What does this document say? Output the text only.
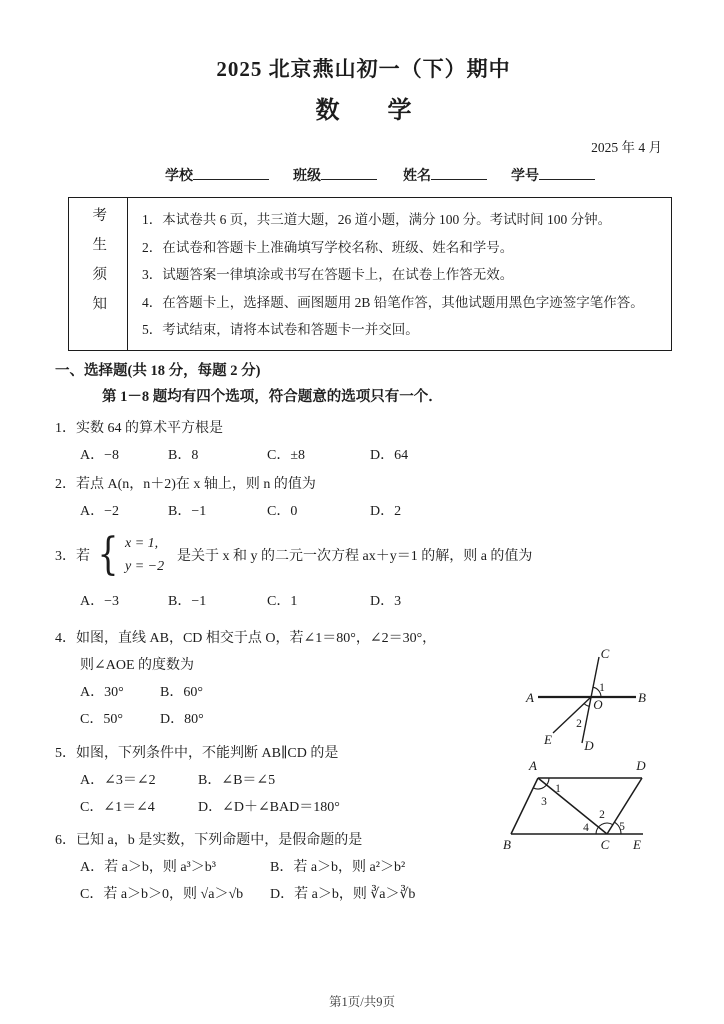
2025 北京燕山初一（下）期中
数　　学
2025 年 4 月
学校	班级	姓名	学号
考生须知	1．本试卷共 6 页，共三道大题，26 道小题，满分 100 分。考试时间 100 分钟。
2．在试卷和答题卡上准确填写学校名称、班级、姓名和学号。
3．试题答案一律填涂或书写在答题卡上，在试卷上作答无效。
4．在答题卡上，选择题、画图题用 2B 铅笔作答，其他试题用黑色字迹签字笔作答。
5．考试结束，请将本试卷和答题卡一并交回。
一、选择题(共 18 分，每题 2 分)
第 1－8 题均有四个选项，符合题意的选项只有一个．
1．实数 64 的算术平方根是
A．−8	B．8	C．±8	D．64
2．若点 A(n，n＋2)在 x 轴上，则 n 的值为
A．−2	B．−1	C．0	D．2
3． 若 { x = 1,
y = −2
是关于 x 和 y 的二元一次方程 ax＋y＝1 的解，则 a 的值为
A．−3	B．−1	C．1	D．3
4．如图，直线 AB，CD 相交于点 O，若∠1＝80°，∠2＝30°，
则∠AOE 的度数为
A．30°	B．60°
C．50°	D．80°
5．如图，下列条件中，不能判断 AB∥CD 的是
A．∠3＝∠2	B．∠B＝∠5
C．∠1＝∠4	D．∠D＋∠BAD＝180°
6．已知 a，b 是实数，下列命题中，是假命题的是
A．若 a＞b，则 a³＞b³	B．若 a＞b，则 a²＞b²
C．若 a＞b＞0，则 √a＞√b	D．若 a＞b，则 ∛a＞∛b
A	B
C
D
E
O
1
2
A	D
B	C E
1
3
2
4	5
第1页/共9页
